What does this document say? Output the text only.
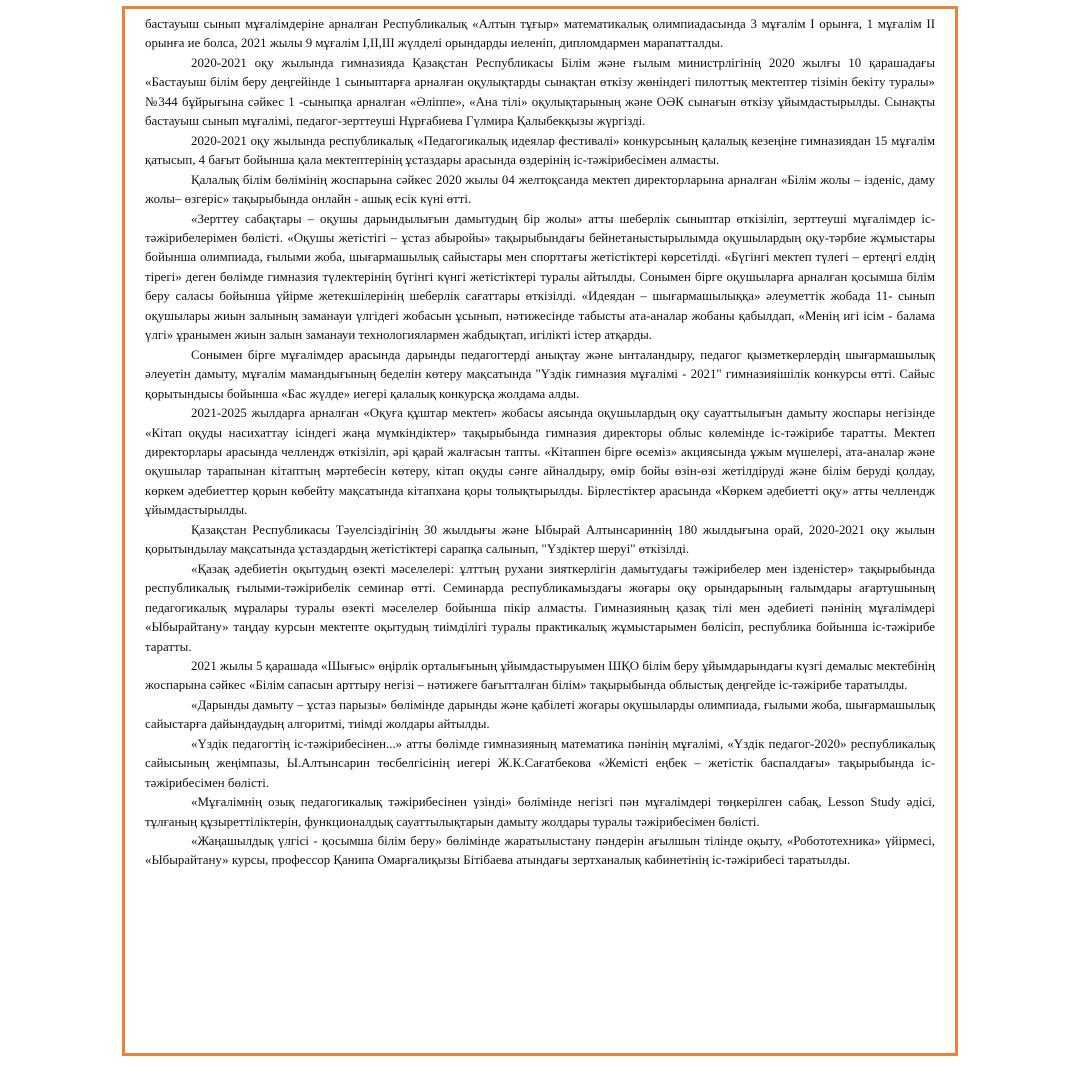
бастауыш сынып мұғалімдеріне арналған Республикалық «Алтын тұғыр» математикалық олимпиадасында 3 мұғалім І орынға, 1 мұғалім ІІ орынға ие болса, 2021 жылы 9 мұғалім І,ІІ,ІІІ жүлделі орындарды иеленіп, дипломдармен марапатталды.

2020-2021 оқу жылында гимназияда Қазақстан Республикасы Білім және ғылым министрлігінің 2020 жылғы 10 қарашадағы «Бастауыш білім беру деңгейінде 1 сыныптарға арналған оқулықтарды сынақтан өткізу жөніндегі пилоттық мектептер тізімін бекіту туралы» №344 бұйрығына сәйкес 1 -сыныпқа арналған «Әліппе», «Ана тілі» оқулықтарының және ОӘК сынағын өткізу ұйымдастырылды. Сынақты бастауыш сынып мұғалімі, педагог-зерттеуші Нұрғабиева Гүлмира Қалыбекқызы жүргізді.

2020-2021 оқу жылында республикалық «Педагогикалық идеялар фестивалі» конкурсының қалалық кезеңіне гимназиядан 15 мұғалім қатысып, 4 бағыт бойынша қала мектептерінің ұстаздары арасында өздерінің іс-тәжірибесімен алмасты.

Қалалық білім бөлімінің жоспарына сәйкес 2020 жылы 04 желтоқсанда мектеп директорларына арналған «Білім жолы – ізденіс, даму жолы– өзгеріс» тақырыбында онлайн - ашық есік күні өтті.

«Зерттеу сабақтары – оқушы дарындылығын дамытудың бір жолы» атты шеберлік сыныптар өткізіліп, зерттеуші мұғалімдер іс-тәжірибелерімен бөлісті. «Оқушы жетістігі – ұстаз абыройы» тақырыбындағы бейнетаныстырылымда оқушылардың оқу-тәрбие жұмыстары бойынша олимпиада, ғылыми жоба, шығармашылық сайыстары мен спорттағы жетістіктері көрсетілді. «Бүгінгі мектеп түлегі – ертеңгі елдің тірегі» деген бөлімде гимназия түлектерінің бүгінгі күнгі жетістіктері туралы айтылды. Сонымен бірге оқушыларға арналған қосымша білім беру саласы бойынша үйірме жетекшілерінің шеберлік сағаттары өткізілді. «Идеядан – шығармашылыққа» әлеуметтік жобада 11- сынып оқушылары жиын залының заманауи үлгідегі жобасын ұсынып, нәтижесінде табысты ата-аналар жобаны қабылдап, «Менің игі ісім - балама үлгі» ұранымен жиын залын заманауи технологиялармен жабдықтап, игілікті істер атқарды.

Сонымен бірге мұғалімдер арасында дарынды педагогтерді анықтау және ынталандыру, педагог қызметкерлердің шығармашылық әлеуетін дамыту, мұғалім мамандығының беделін көтеру мақсатында "Үздік гимназия мұғалімі - 2021" гимназияішілік конкурсы өтті. Сайыс қорытындысы бойынша «Бас жүлде» иегері қалалық конкурсқа жолдама алды.

2021-2025 жылдарға арналған «Оқуға құштар мектеп» жобасы аясында оқушылардың оқу сауаттылығын дамыту жоспары негізінде «Кітап оқуды насихаттау ісіндегі жаңа мүмкіндіктер» тақырыбында гимназия директоры облыс көлемінде іс-тәжірибе таратты. Мектеп директорлары арасында челлендж өткізіліп, әрі қарай жалғасын тапты. «Кітаппен бірге өсеміз» акциясында ұжым мүшелері, ата-аналар және оқушылар тарапынан кітаптың мәртебесін көтеру, кітап оқуды сәнге айналдыру, өмір бойы өзін-өзі жетілдіруді және білім беруді қолдау, көркем әдебиеттер қорын көбейту мақсатында кітапхана қоры толықтырылды. Бірлестіктер арасында «Көркем әдебиетті оқу» атты челлендж ұйымдастырылды.

Қазақстан Республикасы Тәуелсіздігінің 30 жылдығы және Ыбырай Алтынсариннің 180 жылдығына орай, 2020-2021 оқу жылын қорытындылау мақсатында ұстаздардың жетістіктері сарапқа салынып, "Үздіктер шеруі" өткізілді.

«Қазақ әдебиетін оқытудың өзекті мәселелері: ұлттың рухани зияткерлігін дамытудағы тәжірибелер мен ізденістер» тақырыбында республикалық ғылыми-тәжірибелік семинар өтті. Семинарда республикамыздағы жоғары оқу орындарының ғалымдары ағартушының педагогикалық мұралары туралы өзекті мәселелер бойынша пікір алмасты. Гимназияның қазақ тілі мен әдебиеті пәнінің мұғалімдері «Ыбырайтану» таңдау курсын мектепте оқытудың тиімділігі туралы практикалық жұмыстарымен бөлісіп, республика бойынша іс-тәжірибе таратты.

2021 жылы 5 қарашада «Шығыс» өңірлік орталығының ұйымдастыруымен ШҚО білім беру ұйымдарындағы күзгі демалыс мектебінің жоспарына сәйкес «Білім сапасын арттыру негізі – нәтижеге бағытталған білім» тақырыбында облыстық деңгейде іс-тәжірибе таратылды.

«Дарынды дамыту – ұстаз парызы» бөлімінде дарынды және қабілеті жоғары оқушыларды олимпиада, ғылыми жоба, шығармашылық сайыстарға дайындаудың алгоритмі, тиімді жолдары айтылды.

«Үздік педагогтің іс-тәжірибесінен...» атты бөлімде гимназияның математика пәнінің мұғалімі, «Үздік педагог-2020» республикалық сайысының жеңімпазы, Ы.Алтынсарин төсбелгісінің иегері Ж.К.Сағатбекова «Жемісті еңбек – жетістік баспалдағы» тақырыбында іс-тәжірибесімен бөлісті.

«Мұғалімнің озық педагогикалық тәжірибесінен үзінді» бөлімінде негізгі пән мұғалімдері төңкерілген сабақ, Lesson Study әдісі, тұлғаның құзыреттіліктерін, функционалдық сауаттылықтарын дамыту жолдары туралы тәжірибесімен бөлісті.

«Жаңашылдық үлгісі - қосымша білім беру» бөлімінде жаратылыстану пәндерін ағылшын тілінде оқыту, «Робототехника» үйірмесі, «Ыбырайтану» курсы, профессор Қанипа Омарғалиқызы Бітібаева атындағы зертханалық кабинетінің іс-тәжірибесі таратылды.
